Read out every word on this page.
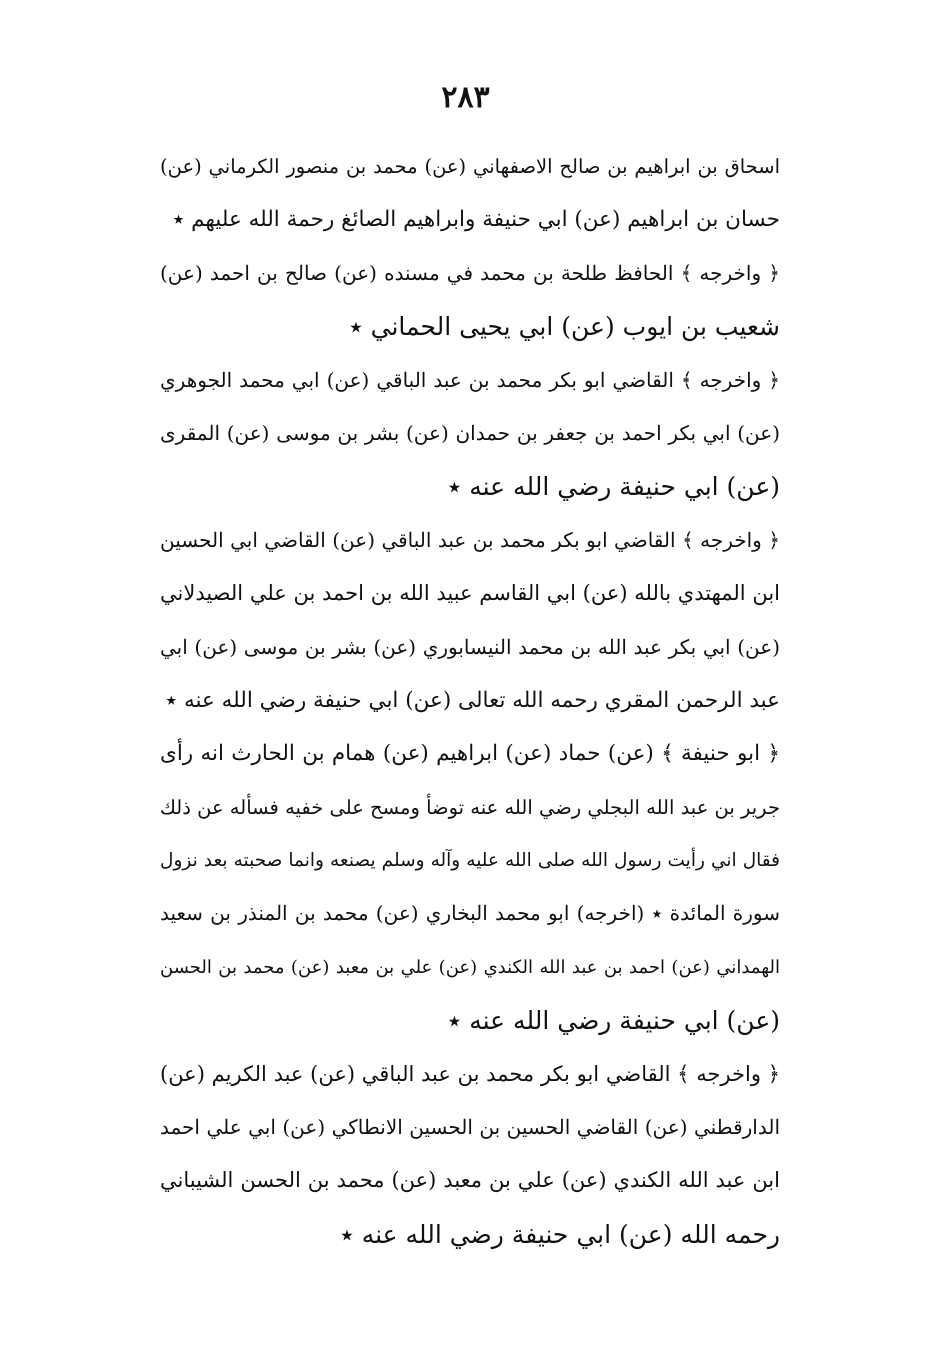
٢٨٣
اسحاق بن ابراهيم بن صالح الاصفهاني (عن) محمد بن منصور الكرماني (عن)
حسان بن ابراهيم (عن) ابي حنيفة وابراهيم الصائغ رحمة الله عليهم ٭
﴿ واخرجه ﴾ الحافظ طلحة بن محمد في مسنده (عن) صالح بن احمد (عن)
شعيب بن ايوب (عن) ابي يحيى الحماني ٭
﴿ واخرجه ﴾ القاضي ابو بكر محمد بن عبد الباقي (عن) ابي محمد الجوهري
(عن) ابي بكر احمد بن جعفر بن حمدان (عن) بشر بن موسى (عن) المقرى
(عن) ابي حنيفة رضي الله عنه ٭
﴿ واخرجه ﴾ القاضي ابو بكر محمد بن عبد الباقي (عن) القاضي ابي الحسين
ابن المهتدي بالله (عن) ابي القاسم عبيد الله بن احمد بن علي الصيدلاني
(عن) ابي بكر عبد الله بن محمد النيسابوري (عن) بشر بن موسى (عن) ابي
عبد الرحمن المقري رحمه الله تعالى (عن) ابي حنيفة رضي الله عنه ٭
﴿ ابو حنيفة ﴾ (عن) حماد (عن) ابراهيم (عن) همام بن الحارث انه رأى
جرير بن عبد الله البجلي رضي الله عنه توضأ ومسح على خفيه فسأله عن ذلك
فقال اني رأيت رسول الله صلى الله عليه وآله وسلم يصنعه وانما صحبته بعد نزول
سورة المائدة ٭ (اخرجه) ابو محمد البخاري (عن) محمد بن المنذر بن سعيد
الهمداني (عن) احمد بن عبد الله الكندي (عن) علي بن معبد (عن) محمد بن الحسن
(عن) ابي حنيفة رضي الله عنه ٭
﴿ واخرجه ﴾ القاضي ابو بكر محمد بن عبد الباقي (عن) عبد الكريم (عن)
الدارقطني (عن) القاضي الحسين بن الحسين الانطاكي (عن) ابي علي احمد
ابن عبد الله الكندي (عن) علي بن معبد (عن) محمد بن الحسن الشيباني
رحمه الله (عن) ابي حنيفة رضي الله عنه ٭
